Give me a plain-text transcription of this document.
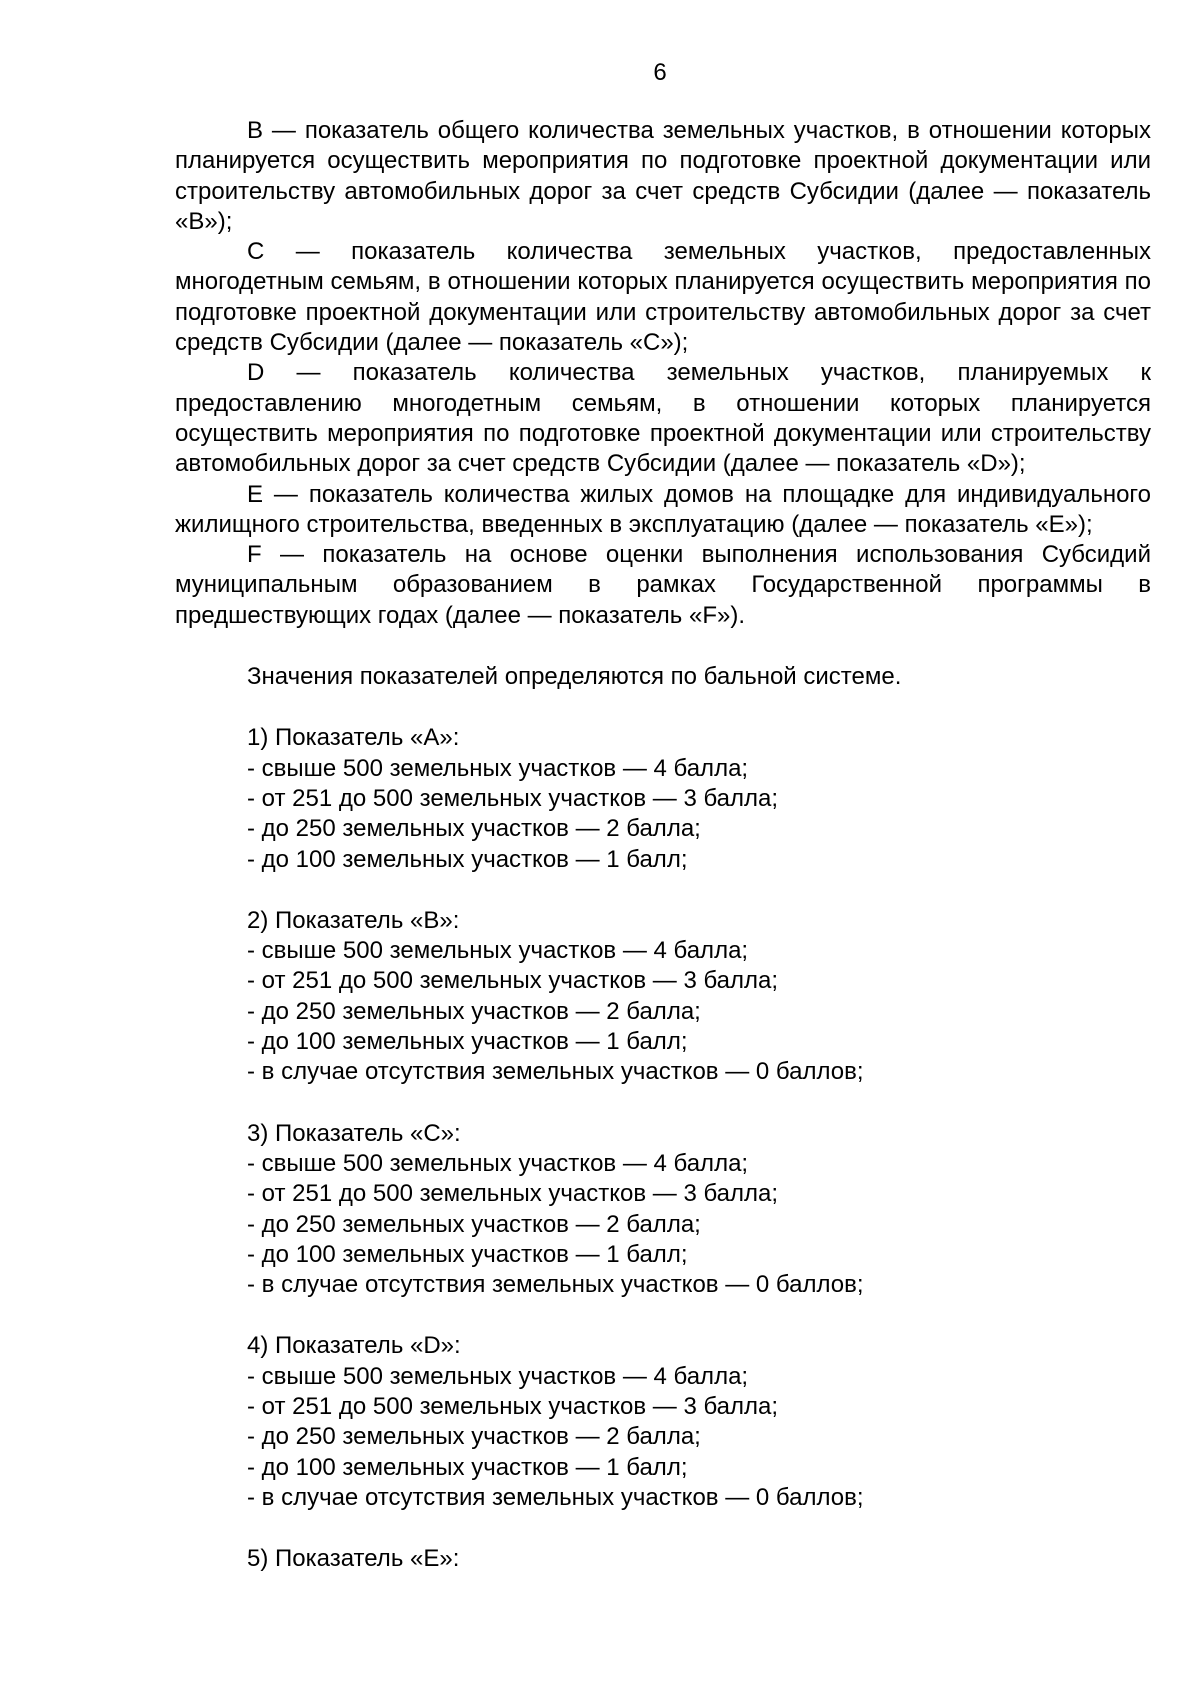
6

В — показатель общего количества земельных участков, в отношении которых планируется осуществить мероприятия по подготовке проектной документации или строительству автомобильных дорог за счет средств Субсидии (далее — показатель «В»);

С — показатель количества земельных участков, предоставленных многодетным семьям, в отношении которых планируется осуществить мероприятия по подготовке проектной документации или строительству автомобильных дорог за счет средств Субсидии (далее — показатель «С»);

D — показатель количества земельных участков, планируемых к предоставлению многодетным семьям, в отношении которых планируется осуществить мероприятия по подготовке проектной документации или строительству автомобильных дорог за счет средств Субсидии (далее — показатель «D»);

Е — показатель количества жилых домов на площадке для индивидуального жилищного строительства, введенных в эксплуатацию (далее — показатель «Е»);

F — показатель на основе оценки выполнения использования Субсидий муниципальным образованием в рамках Государственной программы в предшествующих годах (далее — показатель «F»).

Значения показателей определяются по бальной системе.

1) Показатель «А»:

- свыше 500 земельных участков — 4 балла;

- от 251 до 500 земельных участков — 3 балла;

- до 250 земельных участков — 2 балла;

- до 100 земельных участков — 1 балл;

2) Показатель «В»:

- свыше 500 земельных участков — 4 балла;

- от 251 до 500 земельных участков — 3 балла;

- до 250 земельных участков — 2 балла;

- до 100 земельных участков — 1 балл;

- в случае отсутствия земельных участков — 0 баллов;

3) Показатель «С»:

- свыше 500 земельных участков — 4 балла;

- от 251 до 500 земельных участков — 3 балла;

- до 250 земельных участков — 2 балла;

- до 100 земельных участков — 1 балл;

- в случае отсутствия земельных участков — 0 баллов;

4) Показатель «D»:

- свыше 500 земельных участков — 4 балла;

- от 251 до 500 земельных участков — 3 балла;

- до 250 земельных участков — 2 балла;

- до 100 земельных участков — 1 балл;

- в случае отсутствия земельных участков — 0 баллов;

5) Показатель «Е»:
